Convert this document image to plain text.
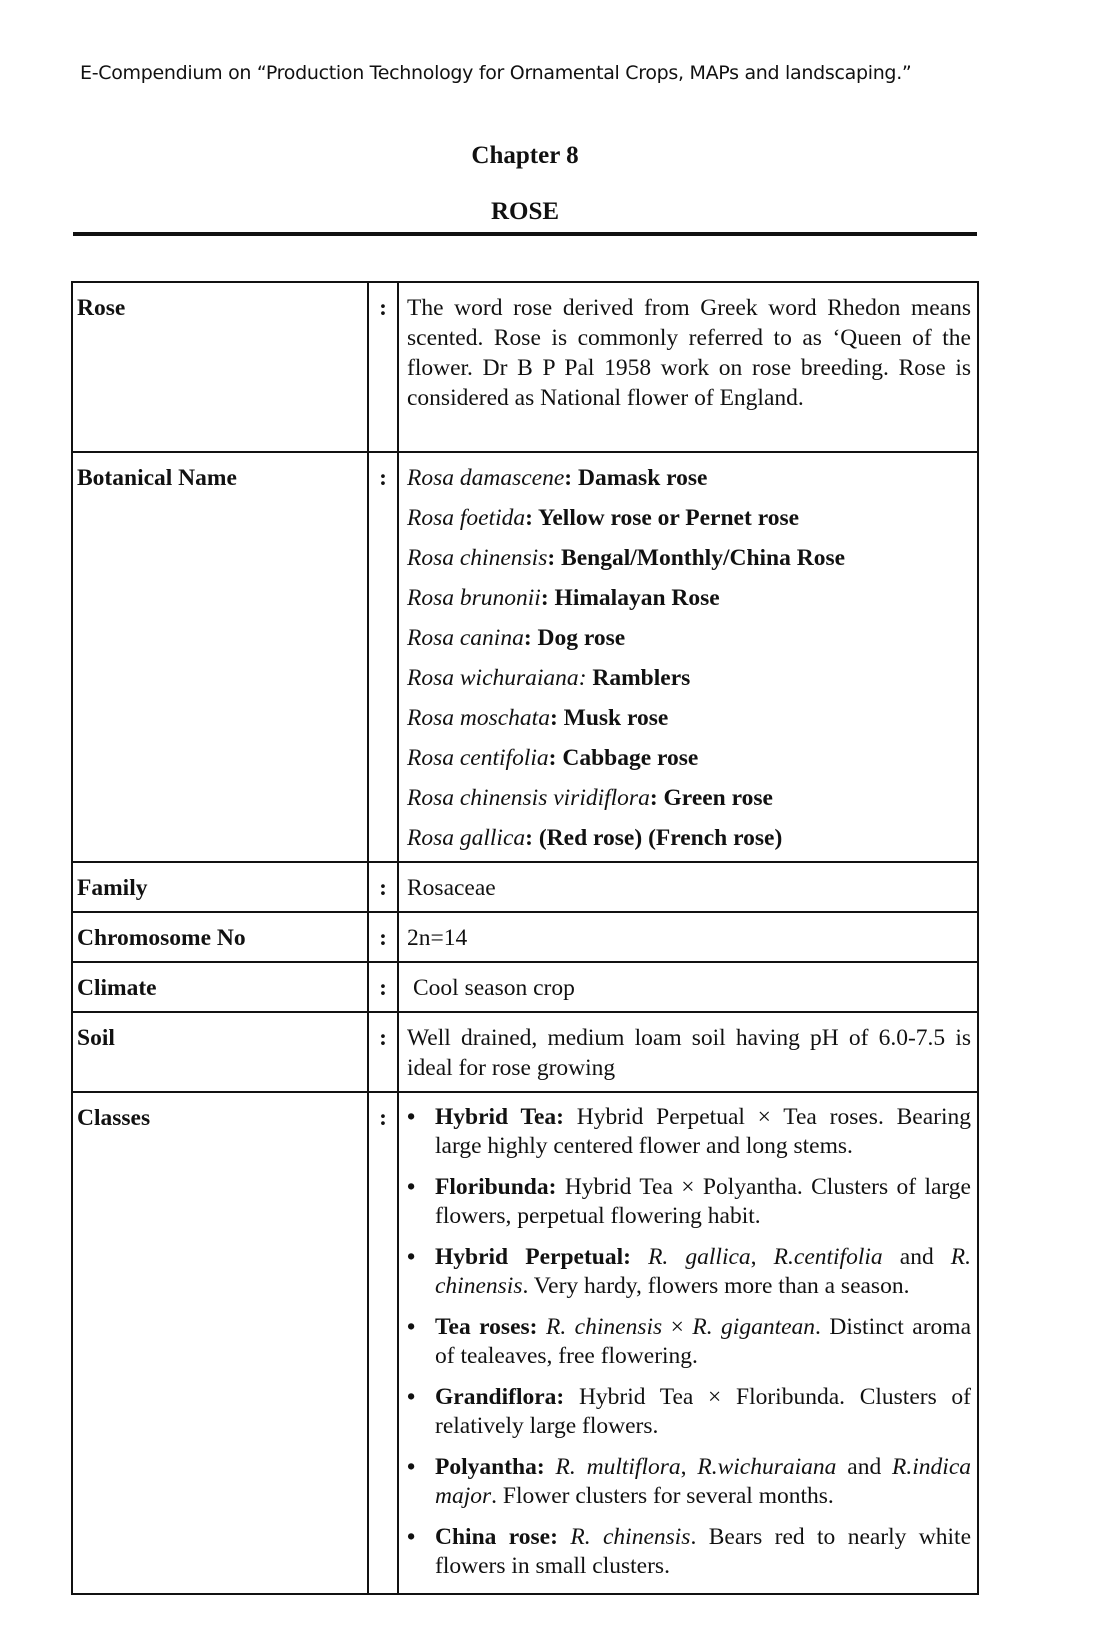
E-Compendium on “Production Technology for Ornamental Crops, MAPs and landscaping.”
Chapter 8
ROSE
Rose	:	The word rose derived from Greek word Rhedon means scented. Rose is commonly referred to as ‘Queen of the flower. Dr B P Pal 1958 work on rose breeding. Rose is considered as National flower of England.
Botanical Name	:	Rosa damascene: Damask rose
Rosa foetida: Yellow rose or Pernet rose
Rosa chinensis: Bengal/Monthly/China Rose
Rosa brunonii: Himalayan Rose
Rosa canina: Dog rose
Rosa wichuraiana: Ramblers
Rosa moschata: Musk rose
Rosa centifolia: Cabbage rose
Rosa chinensis viridiflora: Green rose
Rosa gallica: (Red rose) (French rose)

Family	:	Rosaceae
Chromosome No	:	2n=14
Climate	:	Cool season crop
Soil	:	Well drained, medium loam soil having pH of 6.0-7.5 is ideal for rose growing
Classes	:	• Hybrid Tea: Hybrid Perpetual × Tea roses. Bearing large highly centered flower and long stems.
• Floribunda: Hybrid Tea × Polyantha. Clusters of large flowers, perpetual flowering habit.
• Hybrid Perpetual: R. gallica, R.centifolia and R. chinensis. Very hardy, flowers more than a season.
• Tea roses: R. chinensis × R. gigantean. Distinct aroma of tealeaves, free flowering.
• Grandiflora: Hybrid Tea × Floribunda. Clusters of relatively large flowers.
• Polyantha: R. multiflora, R.wichuraiana and R.indica major. Flower clusters for several months.
• China rose: R. chinensis. Bears red to nearly white flowers in small clusters.
